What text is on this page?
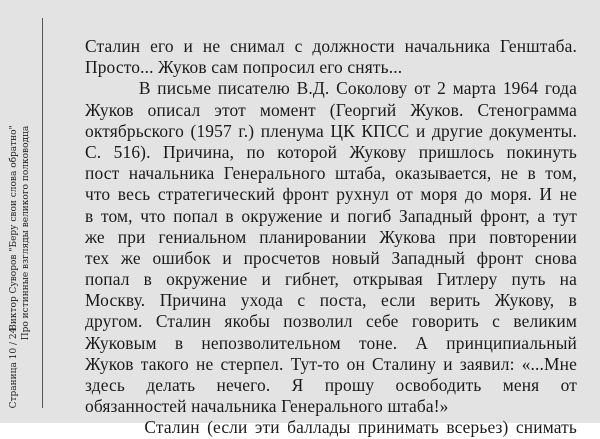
Страница 10 / 24
Виктор Суворов "Беру свои слова обратно" Про истинные взгляды великого полководца
Сталин его и не снимал с должности начальника Генштаба.
Просто... Жуков сам попросил его снять...
В письме писателю В.Д. Соколову от 2 марта 1964 года
Жуков описал этот момент (Георгий Жуков. Стенограмма
октябрьского (1957 г.) пленума ЦК КПСС и другие документы.
С. 516). Причина, по которой Жукову пришлось покинуть
пост начальника Генерального штаба, оказывается, не в том,
что весь стратегический фронт рухнул от моря до моря. И не
в том, что попал в окружение и погиб Западный фронт, а тут
же при гениальном планировании Жукова при повторении
тех же ошибок и просчетов новый Западный фронт снова
попал в окружение и гибнет, открывая Гитлеру путь на
Москву. Причина ухода с поста, если верить Жукову, в
другом. Сталин якобы позволил себе говорить с великим
Жуковым в непозволительном тоне. А принципиальный
Жуков такого не стерпел. Тут-то он Сталину и заявил: «...Мне
здесь делать нечего. Я прошу освободить меня от
обязанностей начальника Генерального штаба!»
Сталин (если эти баллады принимать всерьез) снимать
